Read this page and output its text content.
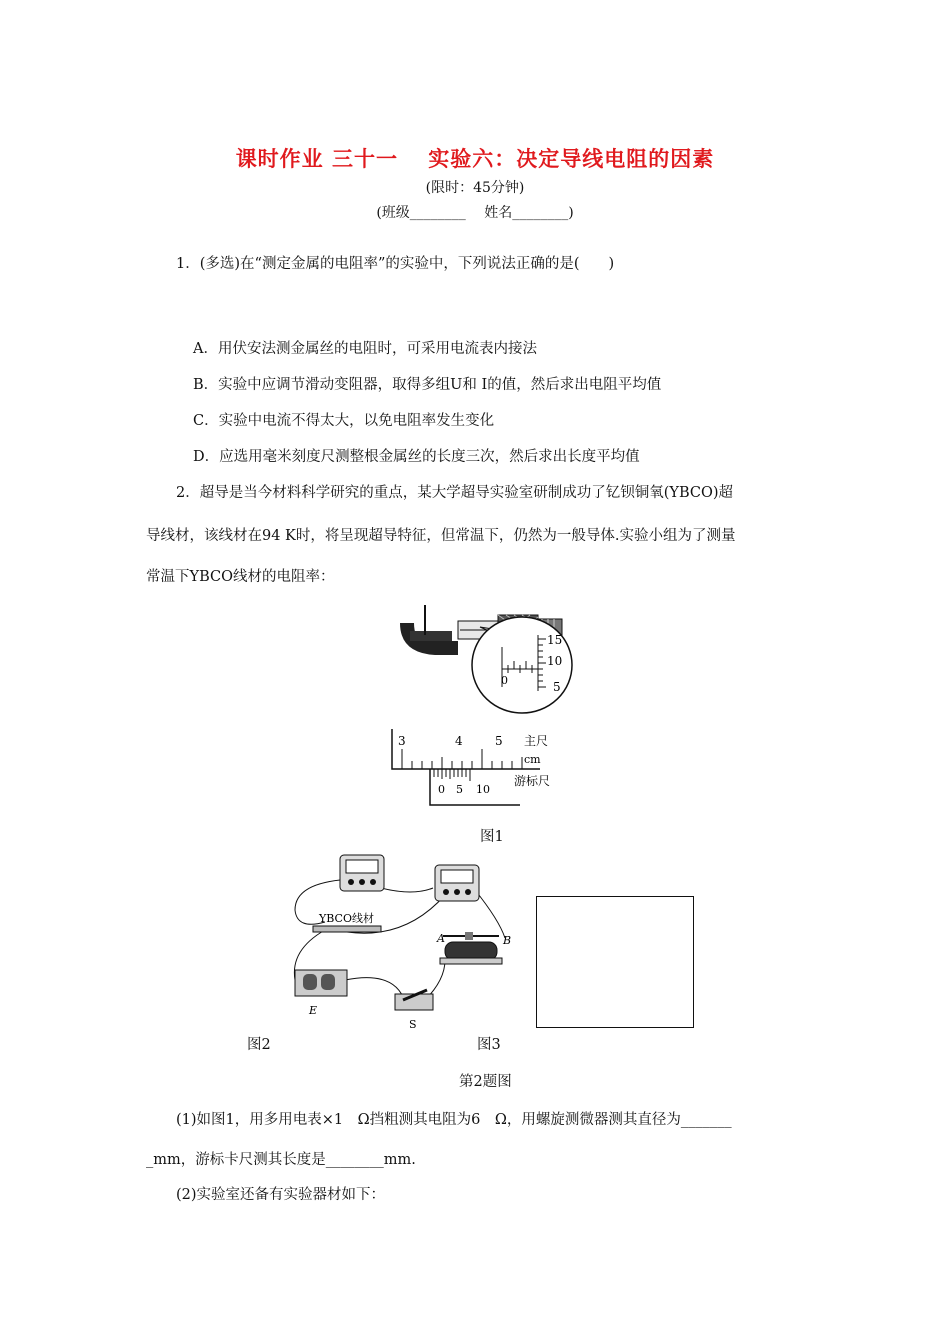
课时作业 三十一　 实验六：决定导线电阻的因素
(限时：45分钟)
(班级________　 姓名________)
1．(多选)在“测定金属的电阻率”的实验中，下列说法正确的是(　　)
A．用伏安法测金属丝的电阻时，可采用电流表内接法
B．实验中应调节滑动变阻器，取得多组U和 I的值，然后求出电阻平均值
C．实验中电流不得太大，以免电阻率发生变化
D．应选用毫米刻度尺测整根金属丝的长度三次，然后求出长度平均值
2．超导是当今材料科学研究的重点，某大学超导实验室研制成功了钇钡铜氧(YBCO)超
导线材，该线材在94 K时，将呈现超导特征，但常温下，仍然为一般导体.实验小组为了测量
常温下YBCO线材的电阻率：
15
10
5
0
3	4	5 主尺
cm
0 5 10
游标尺
图1
YBCO线材
A	B
E
S
图2	图3
第2题图
(1)如图1，用多用电表×1　Ω挡粗测其电阻为6　Ω，用螺旋测微器测其直径为_______
_mm，游标卡尺测其长度是________mm.
(2)实验室还备有实验器材如下：
